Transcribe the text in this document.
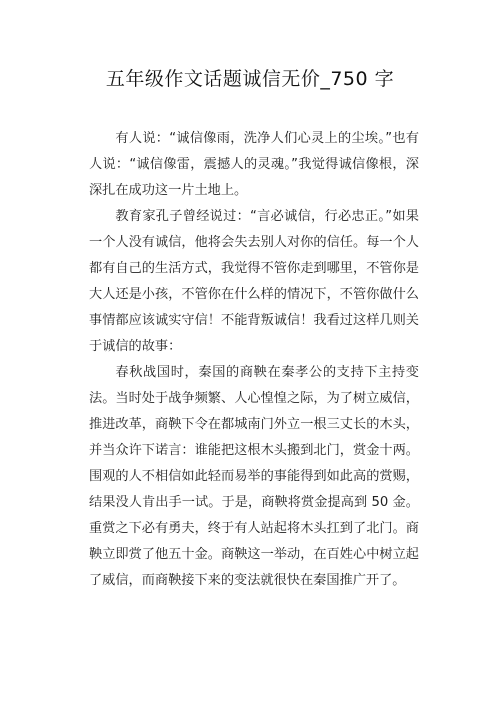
五年级作文话题诚信无价_750 字

有人说：“诚信像雨，洗净人们心灵上的尘埃。”也有人说：“诚信像雷，震撼人的灵魂。”我觉得诚信像根，深深扎在成功这一片土地上。

教育家孔子曾经说过：“言必诚信，行必忠正。”如果一个人没有诚信，他将会失去别人对你的信任。每一个人都有自己的生活方式，我觉得不管你走到哪里，不管你是大人还是小孩，不管你在什么样的情况下，不管你做什么事情都应该诚实守信！不能背叛诚信！我看过这样几则关于诚信的故事：

春秋战国时，秦国的商鞅在秦孝公的支持下主持变法。当时处于战争频繁、人心惶惶之际，为了树立威信，推进改革，商鞅下令在都城南门外立一根三丈长的木头，并当众许下诺言：谁能把这根木头搬到北门，赏金十两。围观的人不相信如此轻而易举的事能得到如此高的赏赐，结果没人肯出手一试。于是，商鞅将赏金提高到 50 金。重赏之下必有勇夫，终于有人站起将木头扛到了北门。商鞅立即赏了他五十金。商鞅这一举动，在百姓心中树立起了威信，而商鞅接下来的变法就很快在秦国推广开了。
